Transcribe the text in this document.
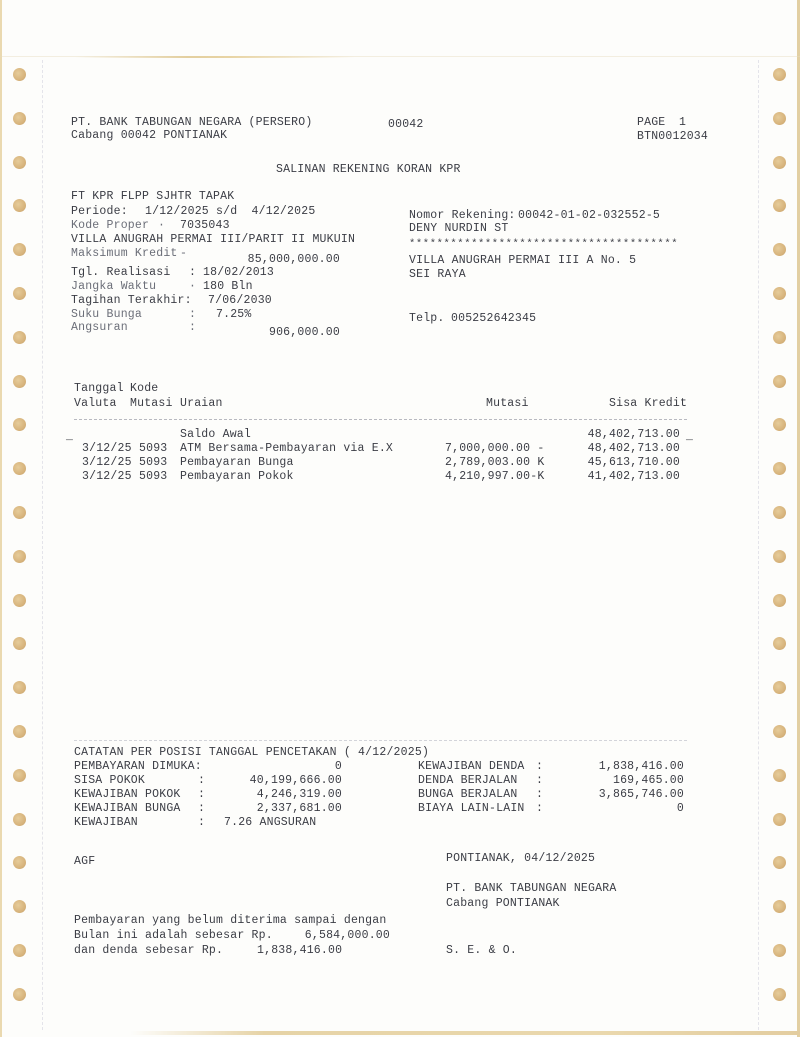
PT. BANK TABUNGAN NEGARA (PERSERO)
Cabang 00042 PONTIANAK
00042	PAGE 1
BTN0012034
SALINAN REKENING KORAN KPR
FT KPR FLPP SJHTR TAPAK
Periode: 1/12/2025 s/d  4/12/2025
Kode Proper · 7035043
VILLA ANUGRAH PERMAI III/PARIT II MUKUIN
Maksimum Kredit -	85,000,000.00
Tgl. Realisasi : 18/02/2013
Jangka Waktu	· 180 Bln
Tagihan Terakhir: 7/06/2030
Suku Bunga	: 7.25%
Angsuran	:	906,000.00
Nomor Rekening: 00042-01-02-032552-5
DENY NURDIN ST
***************************************
VILLA ANUGRAH PERMAI III A No. 5
SEI RAYA
Telp. 005252642345
Tanggal Kode
Valuta Mutasi Uraian	Mutasi	Sisa Kredit
_	Saldo Awal	48,402,713.00 _
3/12/25 5093 ATM Bersama-Pembayaran via E.X	7,000,000.00 -	48,402,713.00
3/12/25 5093 Pembayaran Bunga	2,789,003.00 K	45,613,710.00
3/12/25 5093 Pembayaran Pokok	4,210,997.00-K	41,402,713.00
CATATAN PER POSISI TANGGAL PENCETAKAN ( 4/12/2025)
PEMBAYARAN DIMUKA:	0
SISA POKOK	:	40,199,666.00
KEWAJIBAN POKOK :	4,246,319.00
KEWAJIBAN BUNGA :	2,337,681.00
KEWAJIBAN	: 7.26 ANGSURAN
KEWAJIBAN DENDA :	1,838,416.00
DENDA BERJALAN :	169,465.00
BUNGA BERJALAN :	3,865,746.00
BIAYA LAIN-LAIN :	0
AGF	PONTIANAK, 04/12/2025
PT. BANK TABUNGAN NEGARA
Cabang PONTIANAK
Pembayaran yang belum diterima sampai dengan
Bulan ini adalah sebesar Rp.	6,584,000.00
dan denda sebesar Rp.	1,838,416.00	S. E. & O.
